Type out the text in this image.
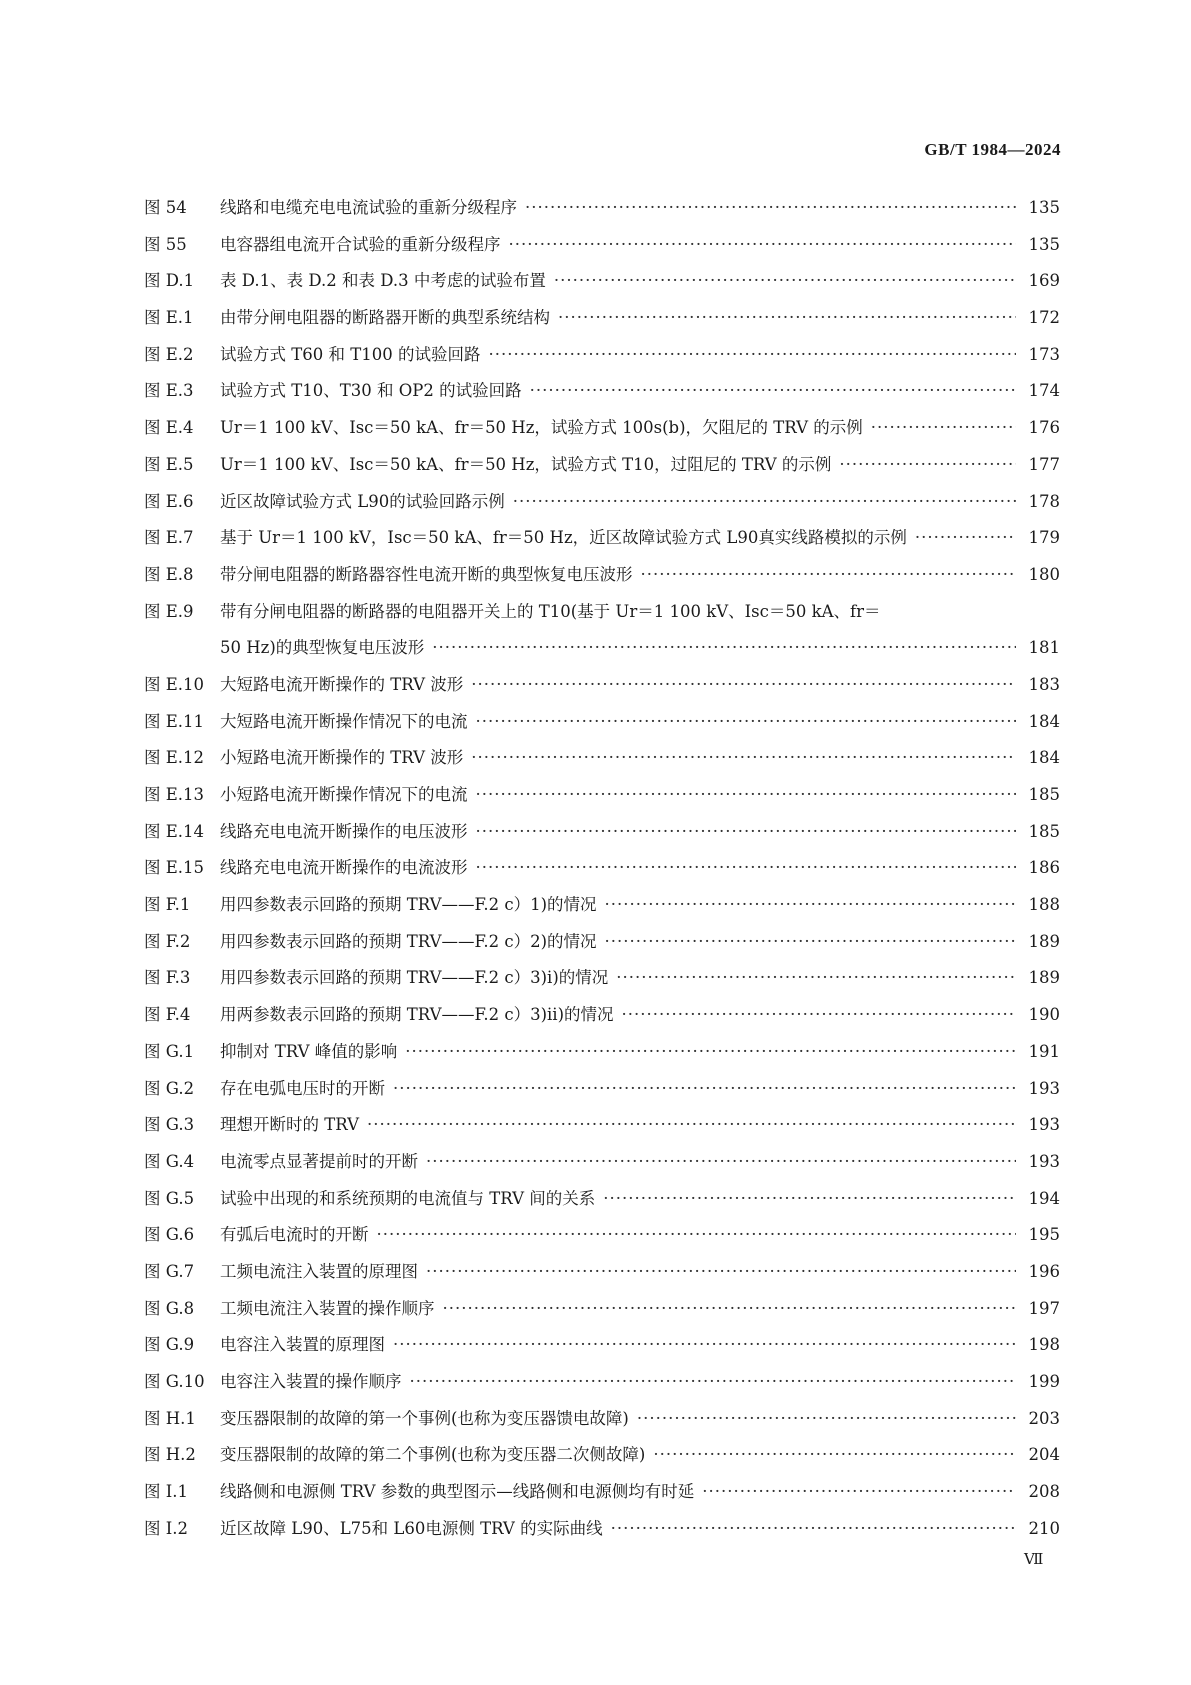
GB/T 1984—2024
图 54	线路和电缆充电电流试验的重新分级程序 ·····	135
图 55	电容器组电流开合试验的重新分级程序 ·····	135
图 D.1	表 D.1、表 D.2 和表 D.3 中考虑的试验布置 ·····	169
图 E.1	由带分闸电阻器的断路器开断的典型系统结构 ·····	172
图 E.2	试验方式 T60 和 T100 的试验回路 ·····	173
图 E.3	试验方式 T10、T30 和 OP2 的试验回路 ·····	174
图 E.4	Ur＝1 100 kV、Isc＝50 kA、fr＝50 Hz，试验方式 100s(b)，欠阻尼的 TRV 的示例 ·····	176
图 E.5	Ur＝1 100 kV、Isc＝50 kA、fr＝50 Hz，试验方式 T10，过阻尼的 TRV 的示例 ·····	177
图 E.6	近区故障试验方式 L90的试验回路示例 ·····	178
图 E.7	基于 Ur＝1 100 kV，Isc＝50 kA、fr＝50 Hz，近区故障试验方式 L90真实线路模拟的示例 ·····	179
图 E.8	带分闸电阻器的断路器容性电流开断的典型恢复电压波形 ·····	180
图 E.9	带有分闸电阻器的断路器的电阻器开关上的 T10(基于 Ur＝1 100 kV、Isc＝50 kA、fr＝
50 Hz)的典型恢复电压波形 ·····	181
图 E.10 大短路电流开断操作的 TRV 波形 ·····	183
图 E.11 大短路电流开断操作情况下的电流 ·····	184
图 E.12 小短路电流开断操作的 TRV 波形 ·····	184
图 E.13 小短路电流开断操作情况下的电流 ·····	185
图 E.14 线路充电电流开断操作的电压波形 ·····	185
图 E.15 线路充电电流开断操作的电流波形 ·····	186
图 F.1	用四参数表示回路的预期 TRV——F.2 c）1)的情况 ·····	188
图 F.2	用四参数表示回路的预期 TRV——F.2 c）2)的情况 ·····	189
图 F.3	用四参数表示回路的预期 TRV——F.2 c）3)ⅰ)的情况 ·····	189
图 F.4	用两参数表示回路的预期 TRV——F.2 c）3)ⅱ)的情况 ·····	190
图 G.1	抑制对 TRV 峰值的影响 ·····	191
图 G.2	存在电弧电压时的开断 ·····	193
图 G.3	理想开断时的 TRV ·····	193
图 G.4	电流零点显著提前时的开断 ·····	193
图 G.5	试验中出现的和系统预期的电流值与 TRV 间的关系 ·····	194
图 G.6	有弧后电流时的开断 ·····	195
图 G.7	工频电流注入装置的原理图 ·····	196
图 G.8	工频电流注入装置的操作顺序 ·····	197
图 G.9	电容注入装置的原理图 ·····	198
图 G.10 电容注入装置的操作顺序 ·····	199
图 H.1	变压器限制的故障的第一个事例(也称为变压器馈电故障) ·····	203
图 H.2	变压器限制的故障的第二个事例(也称为变压器二次侧故障) ·····	204
图 I.1	线路侧和电源侧 TRV 参数的典型图示—线路侧和电源侧均有时延 ·····	208
图 I.2	近区故障 L90、L75和 L60电源侧 TRV 的实际曲线 ·····	210
Ⅶ
